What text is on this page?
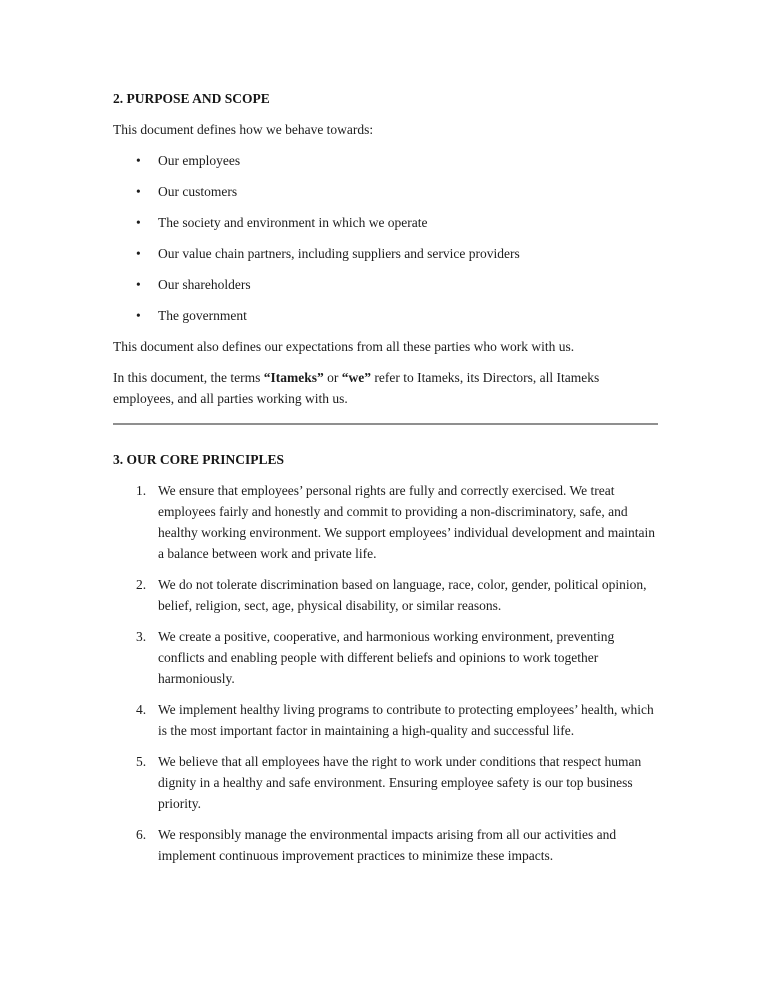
2. PURPOSE AND SCOPE

This document defines how we behave towards:

•	Our employees
•	Our customers
•	The society and environment in which we operate
•	Our value chain partners, including suppliers and service providers
•	Our shareholders
•	The government

This document also defines our expectations from all these parties who work with us.

In this document, the terms “Itameks” or “we” refer to Itameks, its Directors, all Itameks employees, and all parties working with us.

3. OUR CORE PRINCIPLES
1. We ensure that employees’ personal rights are fully and correctly exercised. We treat employees fairly and honestly and commit to providing a non-discriminatory, safe, and healthy working environment. We support employees’ individual development and maintain a balance between work and private life.
2. We do not tolerate discrimination based on language, race, color, gender, political opinion, belief, religion, sect, age, physical disability, or similar reasons.
3. We create a positive, cooperative, and harmonious working environment, preventing conflicts and enabling people with different beliefs and opinions to work together harmoniously.
4. We implement healthy living programs to contribute to protecting employees’ health, which is the most important factor in maintaining a high-quality and successful life.
5. We believe that all employees have the right to work under conditions that respect human dignity in a healthy and safe environment. Ensuring employee safety is our top business priority.
6. We responsibly manage the environmental impacts arising from all our activities and implement continuous improvement practices to minimize these impacts.
